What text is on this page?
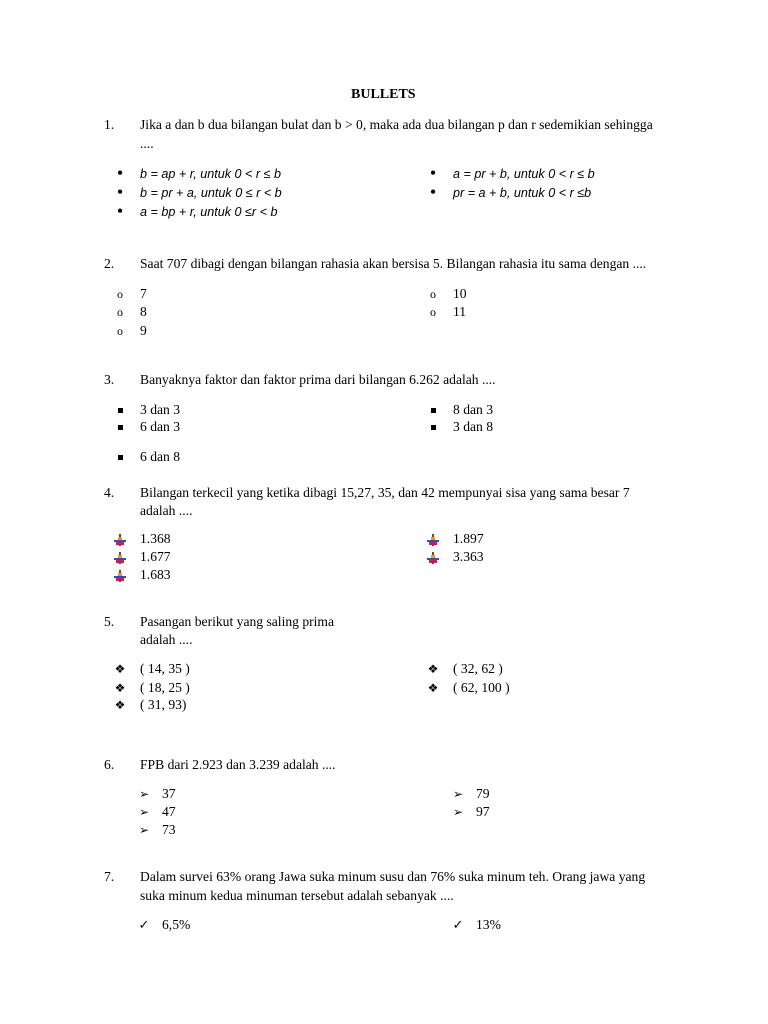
BULLETS
1. Jika a dan b dua bilangan bulat dan b > 0, maka ada dua bilangan p dan r sedemikian sehingga
....
•	b = ap + r, untuk 0 < r ≤ b
•	b = pr + a, untuk 0 ≤ r < b
•	a = bp + r, untuk 0 ≤r < b
•	a = pr + b, untuk 0 < r ≤ b
•	pr = a + b, untuk 0 < r ≤b
2. Saat 707 dibagi dengan bilangan rahasia akan bersisa 5. Bilangan rahasia itu sama dengan ....
o 7
o 8
o 9
o 10
o 11
3. Banyaknya faktor dan faktor prima dari bilangan 6.262 adalah ....
3 dan 3
6 dan 3
6 dan 8
8 dan 3
3 dan 8
4. Bilangan terkecil yang ketika dibagi 15,27, 35, dan 42 mempunyai sisa yang sama besar 7
adalah ....
1.368
1.677
1.683
1.897
3.363
5. Pasangan berikut yang saling prima
adalah ....
❖ ( 14, 35 )
❖ ( 18, 25 )
❖ ( 31, 93)
❖ ( 32, 62 )
❖ ( 62, 100 )
6. FPB dari 2.923 dan 3.239 adalah ....
➢ 37
➢ 47
➢ 73
➢ 79
➢ 97
7. Dalam survei 63% orang Jawa suka minum susu dan 76% suka minum teh. Orang jawa yang
suka minum kedua minuman tersebut adalah sebanyak ....
✓ 6,5%	✓ 13%
